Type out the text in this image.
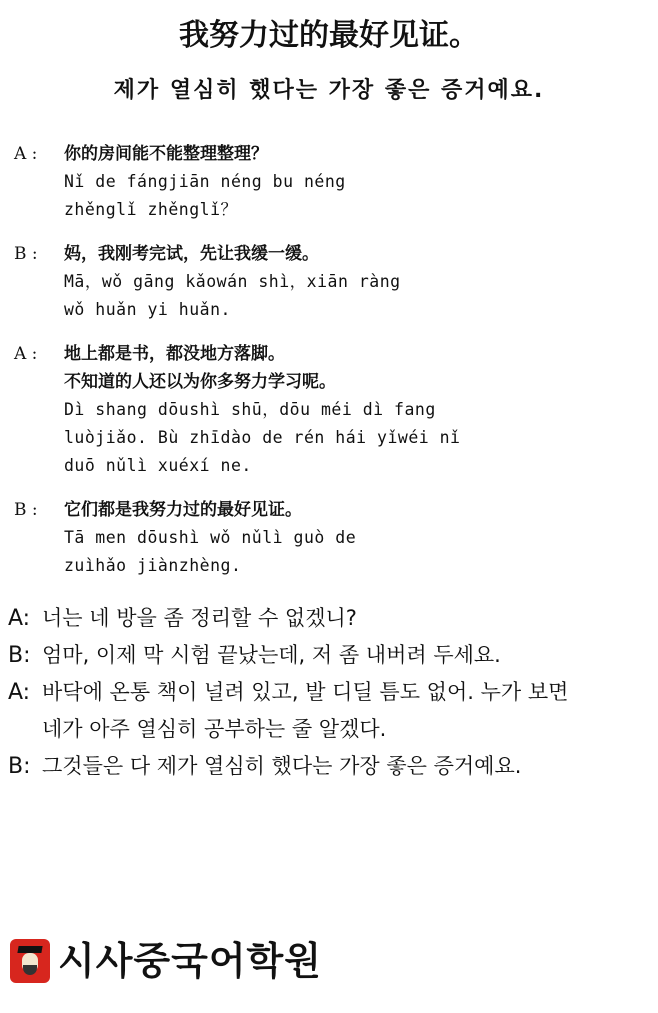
我努力过的最好见证。
제가 열심히 했다는 가장 좋은 증거예요.
A :	你的房间能不能整理整理？
Nǐ de fángjiān néng bu néng
zhěnglǐ zhěnglǐ？
B :	妈，我刚考完试，先让我缓一缓。
Mā，wǒ gāng kǎowán shì，xiān ràng
wǒ huǎn yi huǎn.
A :	地上都是书，都没地方落脚。
不知道的人还以为你多努力学习呢。
Dì shang dōushì shū，dōu méi dì fang
luòjiǎo. Bù zhīdào de rén hái yǐwéi nǐ
duō nǔlì xuéxí ne.
B :	它们都是我努力过的最好见证。
Tā men dōushì wǒ nǔlì guò de
zuìhǎo jiànzhèng.
A: 너는 네 방을 좀 정리할 수 없겠니?
B: 엄마, 이제 막 시험 끝났는데, 저 좀 내버려 두세요.
A: 바닥에 온통 책이 널려 있고, 발 디딜 틈도 없어. 누가 보면
네가 아주 열심히 공부하는 줄 알겠다.
B: 그것들은 다 제가 열심히 했다는 가장 좋은 증거예요.
시사중국어학원
